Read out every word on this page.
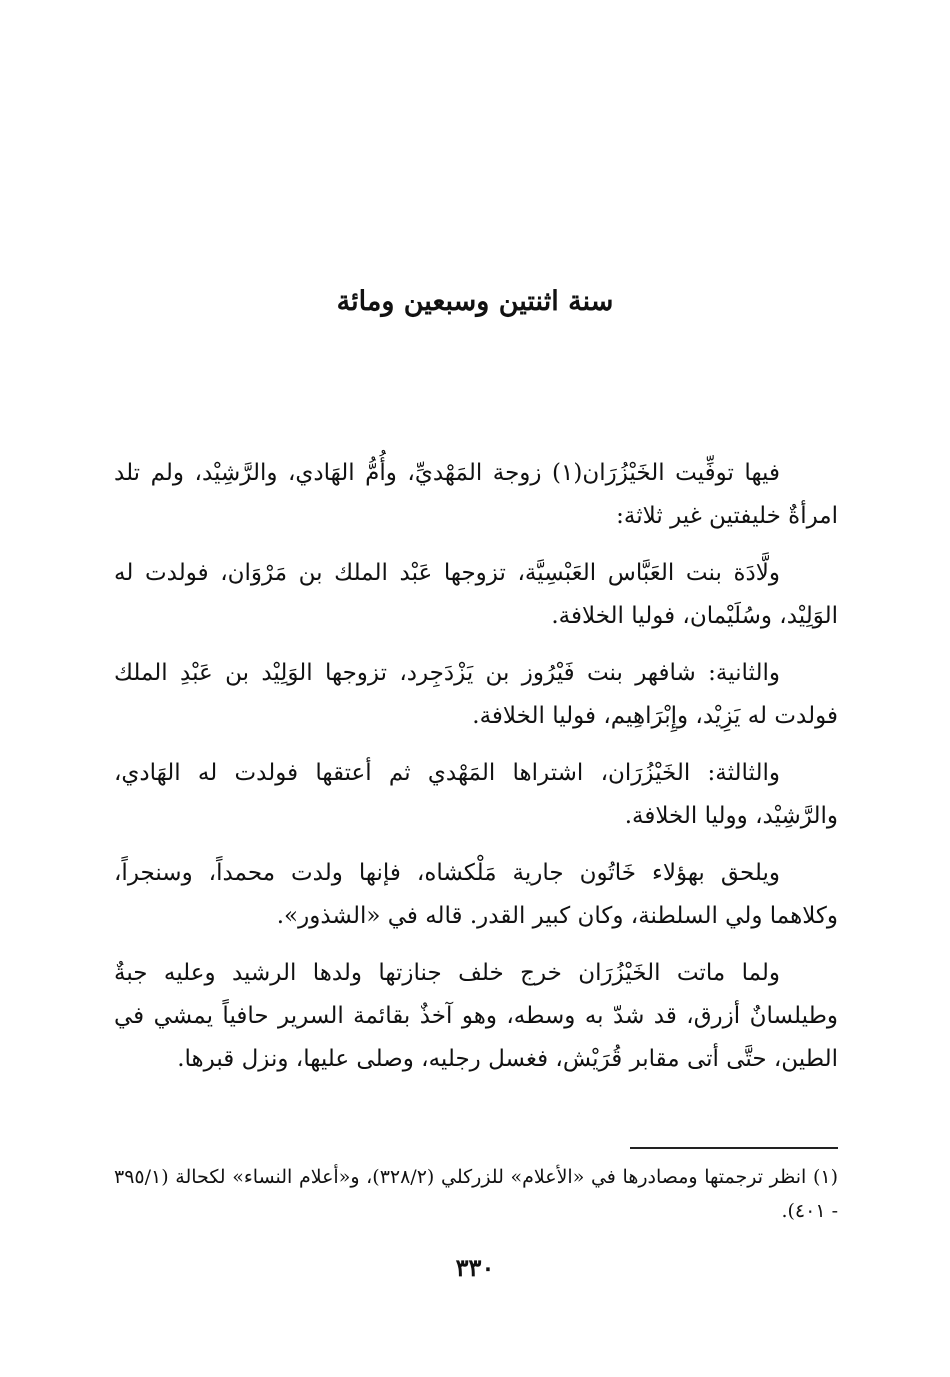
سنة اثنتين وسبعين ومائة

فيها توفِّيت الخَيْزُرَان(١) زوجة المَهْديِّ، وأُمُّ الهَادي، والرَّشِيْد، ولم تلد امرأةٌ خليفتين غير ثلاثة:

ولَّادَة بنت العَبَّاس العَبْسِيَّة، تزوجها عَبْد الملك بن مَرْوَان، فولدت له الوَلِيْد، وسُلَيْمان، فوليا الخلافة.

والثانية: شافهر بنت فَيْرُوز بن يَزْدَجِرد، تزوجها الوَلِيْد بن عَبْدِ الملك فولدت له يَزِيْد، وإِبْرَاهِيم، فوليا الخلافة.

والثالثة: الخَيْزُرَان، اشتراها المَهْدي ثم أعتقها فولدت له الهَادي، والرَّشِيْد، ووليا الخلافة.

ويلحق بهؤلاء خَاتُون جارية مَلْكشاه، فإنها ولدت محمداً، وسنجراً، وكلاهما ولي السلطنة، وكان كبير القدر. قاله في «الشذور».

ولما ماتت الخَيْزُرَان خرج خلف جنازتها ولدها الرشيد وعليه جبةٌ وطيلسانٌ أزرق، قد شدّ به وسطه، وهو آخذٌ بقائمة السرير حافياً يمشي في الطين، حتَّى أتى مقابر قُرَيْش، فغسل رجليه، وصلى عليها، ونزل قبرها.

(١) انظر ترجمتها ومصادرها في «الأعلام» للزركلي (٣٢٨/٢)، و«أعلام النساء» لكحالة (٣٩٥/١ - ٤٠١).

٣٣٠
